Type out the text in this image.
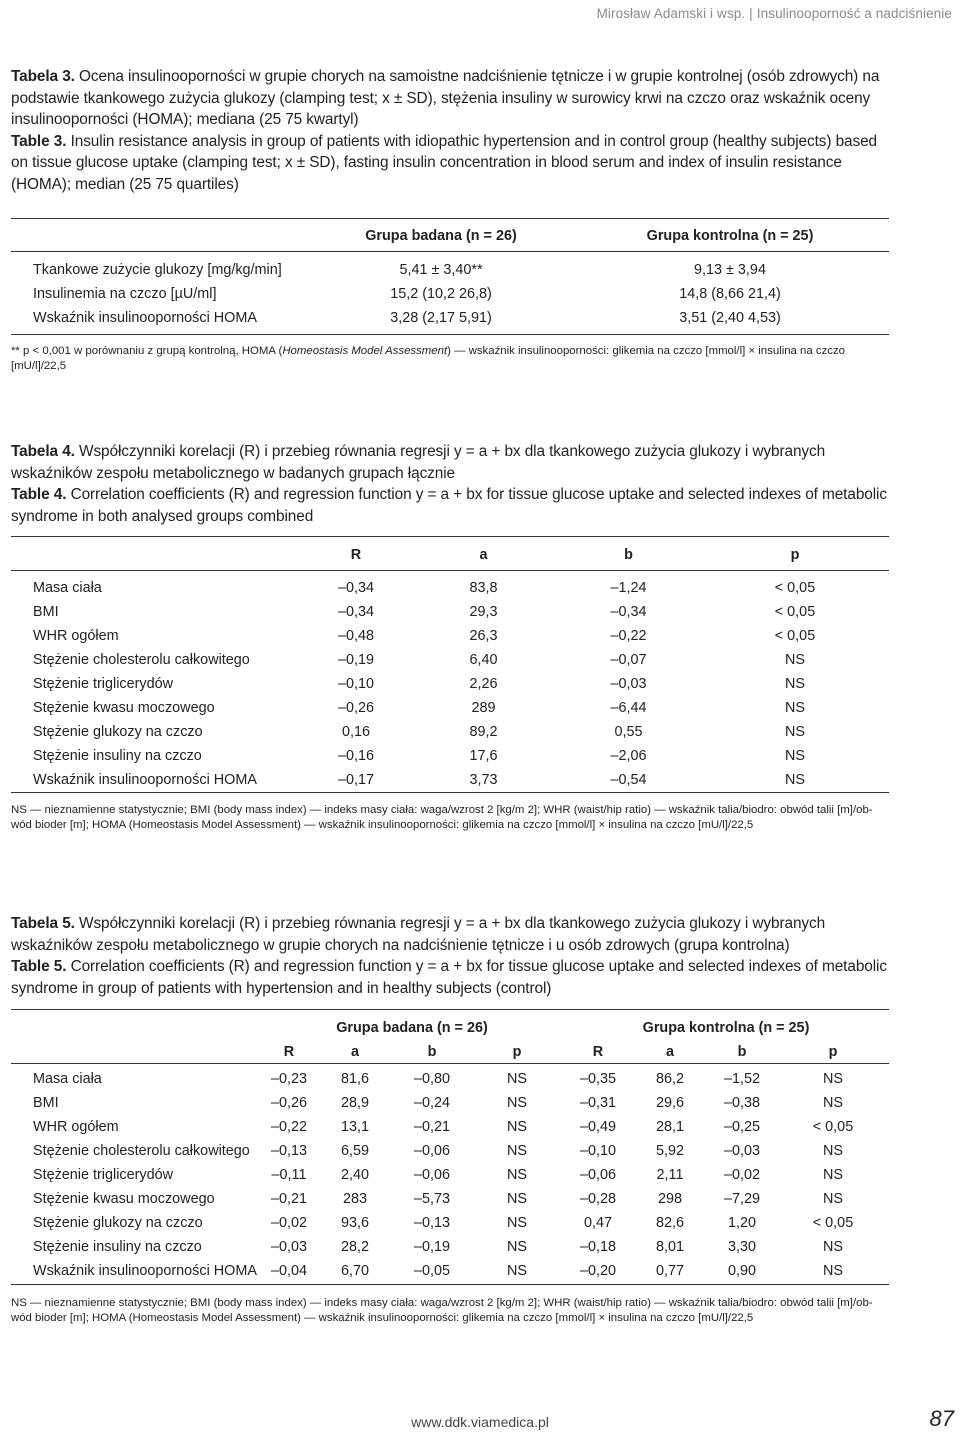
Mirosław Adamski i wsp. | Insulinooporność a nadciśnienie
Tabela 3. Ocena insulinooporności w grupie chorych na samoistne nadciśnienie tętnicze i w grupie kontrolnej (osób zdrowych) na podstawie tkankowego zużycia glukozy (clamping test; x ± SD), stężenia insuliny w surowicy krwi na czczo oraz wskaźnik oceny insulinooporności (HOMA); mediana (25 75 kwartyl)
Table 3. Insulin resistance analysis in group of patients with idiopathic hypertension and in control group (healthy subjects) based on tissue glucose uptake (clamping test; x ± SD), fasting insulin concentration in blood serum and index of insulin resistance (HOMA); median (25 75 quartiles)
	Grupa badana (n = 26)	Grupa kontrolna (n = 25)
Tkankowe zużycie glukozy [mg/kg/min]	5,41 ± 3,40**	9,13 ± 3,94
Insulinemia na czczo [µU/ml]	15,2 (10,2 26,8)	14,8 (8,66 21,4)
Wskaźnik insulinooporności HOMA	3,28 (2,17 5,91)	3,51 (2,40 4,53)
** p < 0,001 w porównaniu z grupą kontrolną, HOMA (Homeostasis Model Assessment) — wskaźnik insulinooporności: glikemia na czczo [mmol/l] × insulina na czczo [mU/l]/22,5
Tabela 4. Współczynniki korelacji (R) i przebieg równania regresji y = a + bx dla tkankowego zużycia glukozy i wybranych wskaźników zespołu metabolicznego w badanych grupach łącznie
Table 4. Correlation coefficients (R) and regression function y = a + bx for tissue glucose uptake and selected indexes of metabolic syndrome in both analysed groups combined
	R	a	b	p
Masa ciała	–0,34	83,8	–1,24	< 0,05
BMI	–0,34	29,3	–0,34	< 0,05
WHR ogółem	–0,48	26,3	–0,22	< 0,05
Stężenie cholesterolu całkowitego	–0,19	6,40	–0,07	NS
Stężenie triglicerydów	–0,10	2,26	–0,03	NS
Stężenie kwasu moczowego	–0,26	289	–6,44	NS
Stężenie glukozy na czczo	0,16	89,2	0,55	NS
Stężenie insuliny na czczo	–0,16	17,6	–2,06	NS
Wskaźnik insulinooporności HOMA	–0,17	3,73	–0,54	NS
NS — nieznamienne statystycznie; BMI (body mass index) — indeks masy ciała: waga/wzrost 2 [kg/m 2]; WHR (waist/hip ratio) — wskaźnik talia/biodro: obwód talii [m]/ob-
wód bioder [m]; HOMA (Homeostasis Model Assessment) — wskaźnik insulinooporności: glikemia na czczo [mmol/l] × insulina na czczo [mU/l]/22,5
Tabela 5. Współczynniki korelacji (R) i przebieg równania regresji y = a + bx dla tkankowego zużycia glukozy i wybranych wskaźników zespołu metabolicznego w grupie chorych na nadciśnienie tętnicze i u osób zdrowych (grupa kontrolna)
Table 5. Correlation coefficients (R) and regression function y = a + bx for tissue glucose uptake and selected indexes of metabolic syndrome in group of patients with hypertension and in healthy subjects (control)
	Grupa badana (n = 26)				Grupa kontrolna (n = 25)			
	R	a	b	p	R	a	b	p
Masa ciała	–0,23	81,6	–0,80	NS	–0,35	86,2	–1,52	NS
BMI	–0,26	28,9	–0,24	NS	–0,31	29,6	–0,38	NS
WHR ogółem	–0,22	13,1	–0,21	NS	–0,49	28,1	–0,25	< 0,05
Stężenie cholesterolu całkowitego	–0,13	6,59	–0,06	NS	–0,10	5,92	–0,03	NS
Stężenie triglicerydów	–0,11	2,40	–0,06	NS	–0,06	2,11	–0,02	NS
Stężenie kwasu moczowego	–0,21	283	–5,73	NS	–0,28	298	–7,29	NS
Stężenie glukozy na czczo	–0,02	93,6	–0,13	NS	0,47	82,6	1,20	< 0,05
Stężenie insuliny na czczo	–0,03	28,2	–0,19	NS	–0,18	8,01	3,30	NS
Wskaźnik insulinooporności HOMA	–0,04	6,70	–0,05	NS	–0,20	0,77	0,90	NS
NS — nieznamienne statystycznie; BMI (body mass index) — indeks masy ciała: waga/wzrost 2 [kg/m 2]; WHR (waist/hip ratio) — wskaźnik talia/biodro: obwód talii [m]/ob-
wód bioder [m]; HOMA (Homeostasis Model Assessment) — wskaźnik insulinooporności: glikemia na czczo [mmol/l] × insulina na czczo [mU/l]/22,5
www.ddk.viamedica.pl	87
